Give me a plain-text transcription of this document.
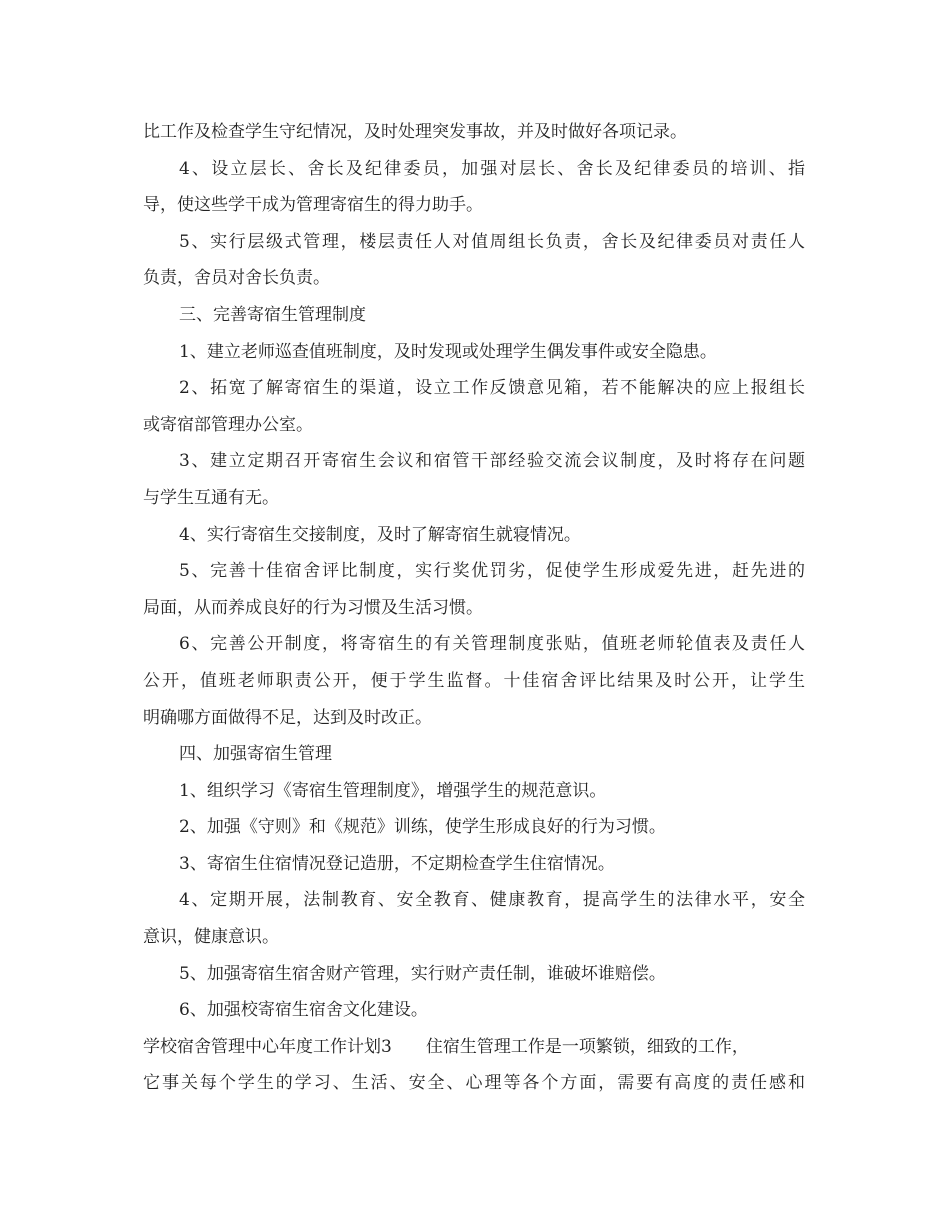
比工作及检查学生守纪情况，及时处理突发事故，并及时做好各项记录。
4、设立层长、舍长及纪律委员，加强对层长、舍长及纪律委员的培训、指
导，使这些学干成为管理寄宿生的得力助手。
5、实行层级式管理，楼层责任人对值周组长负责，舍长及纪律委员对责任人
负责，舍员对舍长负责。
三、完善寄宿生管理制度
1、建立老师巡查值班制度，及时发现或处理学生偶发事件或安全隐患。
2、拓宽了解寄宿生的渠道，设立工作反馈意见箱，若不能解决的应上报组长
或寄宿部管理办公室。
3、建立定期召开寄宿生会议和宿管干部经验交流会议制度，及时将存在问题
与学生互通有无。
4、实行寄宿生交接制度，及时了解寄宿生就寝情况。
5、完善十佳宿舍评比制度，实行奖优罚劣，促使学生形成爱先进，赶先进的
局面，从而养成良好的行为习惯及生活习惯。
6、完善公开制度，将寄宿生的有关管理制度张贴，值班老师轮值表及责任人
公开，值班老师职责公开，便于学生监督。十佳宿舍评比结果及时公开，让学生
明确哪方面做得不足，达到及时改正。
四、加强寄宿生管理
1、组织学习《寄宿生管理制度》，增强学生的规范意识。
2、加强《守则》和《规范》训练，使学生形成良好的行为习惯。
3、寄宿生住宿情况登记造册，不定期检查学生住宿情况。
4、定期开展，法制教育、安全教育、健康教育，提高学生的法律水平，安全
意识，健康意识。
5、加强寄宿生宿舍财产管理，实行财产责任制，谁破坏谁赔偿。
6、加强校寄宿生宿舍文化建设。
学校宿舍管理中心年度工作计划3 住宿生管理工作是一项繁锁，细致的工作，
它事关每个学生的学习、生活、安全、心理等各个方面，需要有高度的责任感和
